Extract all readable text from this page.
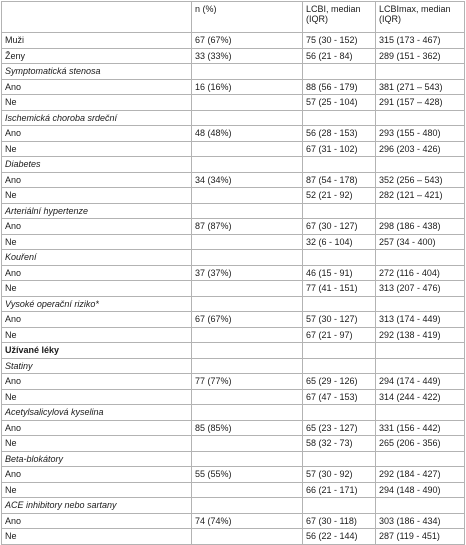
	n (%)	LCBI, median (IQR)	LCBImax, median (IQR)
Muži	67 (67%)	75 (30 - 152)	315 (173 - 467)
Ženy	33 (33%)	56 (21 - 84)	289 (151 - 362)
Symptomatická stenosa			
Ano	16 (16%)	88 (56 - 179)	381 (271 – 543)
Ne		57 (25 - 104)	291 (157 – 428)
Ischemická choroba srdeční			
Ano	48 (48%)	56 (28 - 153)	293 (155 - 480)
Ne		67 (31 - 102)	296 (203 - 426)
Diabetes			
Ano	34 (34%)	87 (54 - 178)	352 (256 – 543)
Ne		52 (21 - 92)	282 (121 – 421)
Arteriální hypertenze			
Ano	87 (87%)	67 (30 - 127)	298 (186 - 438)
Ne		32 (6 - 104)	257 (34 - 400)
Kouření			
Ano	37 (37%)	46 (15 - 91)	272 (116 - 404)
Ne		77 (41 - 151)	313 (207 - 476)
Vysoké operační riziko*			
Ano	67 (67%)	57 (30 - 127)	313 (174 - 449)
Ne		67 (21 - 97)	292 (138 - 419)
Užívané léky			
Statiny			
Ano	77 (77%)	65 (29 - 126)	294 (174 - 449)
Ne		67 (47 - 153)	314 (244 - 422)
Acetylsalicylová kyselina			
Ano	85 (85%)	65 (23 - 127)	331 (156 - 442)
Ne		58 (32 - 73)	265 (206 - 356)
Beta-blokátory			
Ano	55 (55%)	57 (30 - 92)	292 (184 - 427)
Ne		66 (21 - 171)	294 (148 - 490)
ACE inhibitory nebo sartany			
Ano	74 (74%)	67 (30 - 118)	303 (186 - 434)
Ne		56 (22 - 144)	287 (119 - 451)
